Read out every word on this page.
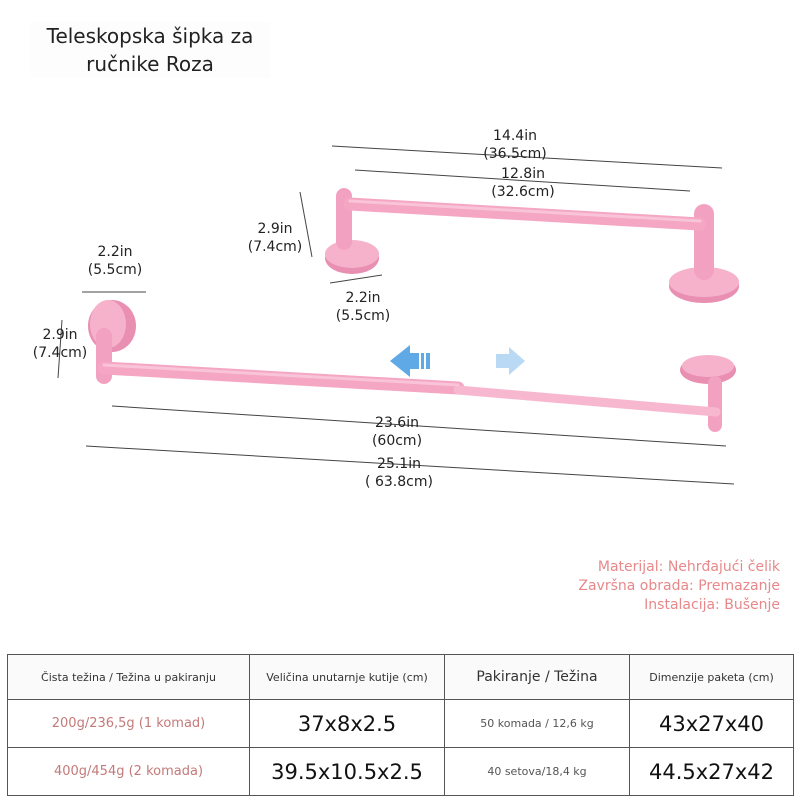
Teleskopska šipka za
ručnike Roza
Tri
14.4in
(36.5cm)
12.8in
(32.6cm)
2.9in
(7.4cm)
2.2in
(5.5cm)
2.2in
(5.5cm)
2.9in
(7.4cm)
23.6in
(60cm)
25.1in
( 63.8cm)
Materijal: Nehrđajući čelik
Završna obrada: Premazanje
Instalacija: Bušenje
Čista težina / Težina u pakiranju	Veličina unutarnje kutije (cm)	Pakiranje / Težina	Dimenzije paketa (cm)
200g/236,5g (1 komad)	37x8x2.5	50 komada / 12,6 kg	43x27x40
400g/454g (2 komada)	39.5x10.5x2.5	40 setova/18,4 kg	44.5x27x42
